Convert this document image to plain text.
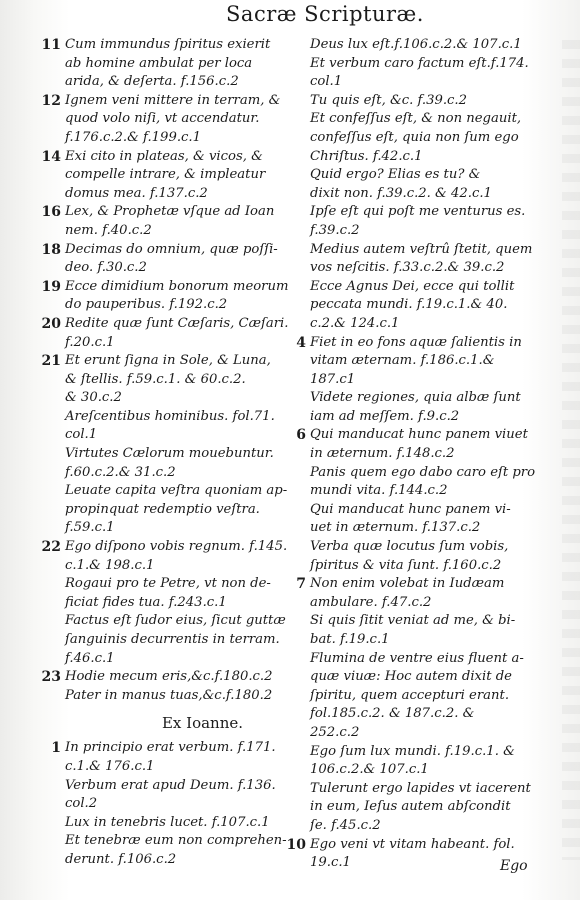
Sacræ Scripturæ.
11 Cum immundus ſpiritus exierit
ab homine ambulat per loca
arida, & deſerta. f.156.c.2
12 Ignem veni mittere in terram, &
quod volo niſi, vt accendatur.
f.176.c.2.& f.199.c.1
14 Exi cito in plateas, & vicos, &
compelle intrare, & impleatur
domus mea. f.137.c.2
16 Lex, & Prophetæ vſque ad Ioan
nem. f.40.c.2
18 Decimas do omnium, quæ poſſi-
deo. f.30.c.2
19 Ecce dimidium bonorum meorum
do pauperibus. f.192.c.2
20 Redite quæ ſunt Cæſaris, Cæſari.
f.20.c.1
21 Et erunt ſigna in Sole, & Luna,
& ſtellis. f.59.c.1. & 60.c.2.
& 30.c.2
Areſcentibus hominibus. fol.71.
col.1
Virtutes Cælorum mouebuntur.
f.60.c.2.& 31.c.2
Leuate capita veſtra quoniam ap-
propinquat redemptio veſtra.
f.59.c.1
22 Ego diſpono vobis regnum. f.145.
c.1.& 198.c.1
Rogaui pro te Petre, vt non de-
ficiat fides tua. f.243.c.1
Factus eſt ſudor eius, ſicut guttæ
ſanguinis decurrentis in terram.
f.46.c.1
23 Hodie mecum eris,&c.f.180.c.2
Pater in manus tuas,&c.f.180.2
Ex Ioanne.
1 In principio erat verbum. f.171.
c.1.& 176.c.1
Verbum erat apud Deum. f.136.
col.2
Lux in tenebris lucet. f.107.c.1
Et tenebræ eum non comprehen-
derunt. f.106.c.2
Deus lux eſt.f.106.c.2.& 107.c.1
Et verbum caro factum eſt.f.174.
col.1
Tu quis eſt, &c. f.39.c.2
Et confeſſus eſt, & non negauit,
confeſſus eſt, quia non ſum ego
Chriſtus. f.42.c.1
Quid ergo? Elias es tu? &
dixit non. f.39.c.2. & 42.c.1
Ipſe eſt qui poſt me venturus es.
f.39.c.2
Medius autem veſtrû ſtetit, quem
vos neſcitis. f.33.c.2.& 39.c.2
Ecce Agnus Dei, ecce qui tollit
peccata mundi. f.19.c.1.& 40.
c.2.& 124.c.1
4 Fiet in eo fons aquæ ſalientis in
vitam æternam. f.186.c.1.&
187.c1
Videte regiones, quia albæ ſunt
iam ad meſſem. f.9.c.2
6 Qui manducat hunc panem viuet
in æternum. f.148.c.2
Panis quem ego dabo caro eſt pro
mundi vita. f.144.c.2
Qui manducat hunc panem vi-
uet in æternum. f.137.c.2
Verba quæ locutus ſum vobis,
ſpiritus & vita ſunt. f.160.c.2
7 Non enim volebat in Iudæam
ambulare. f.47.c.2
Si quis ſitit veniat ad me, & bi-
bat. f.19.c.1
Flumina de ventre eius fluent a-
quæ viuæ: Hoc autem dixit de
ſpiritu, quem accepturi erant.
fol.185.c.2. & 187.c.2. &
252.c.2
Ego ſum lux mundi. f.19.c.1. &
106.c.2.& 107.c.1
Tulerunt ergo lapides vt iacerent
in eum, Ieſus autem abſcondit
ſe. f.45.c.2
10 Ego veni vt vitam habeant. fol.
19.c.1	Ego
